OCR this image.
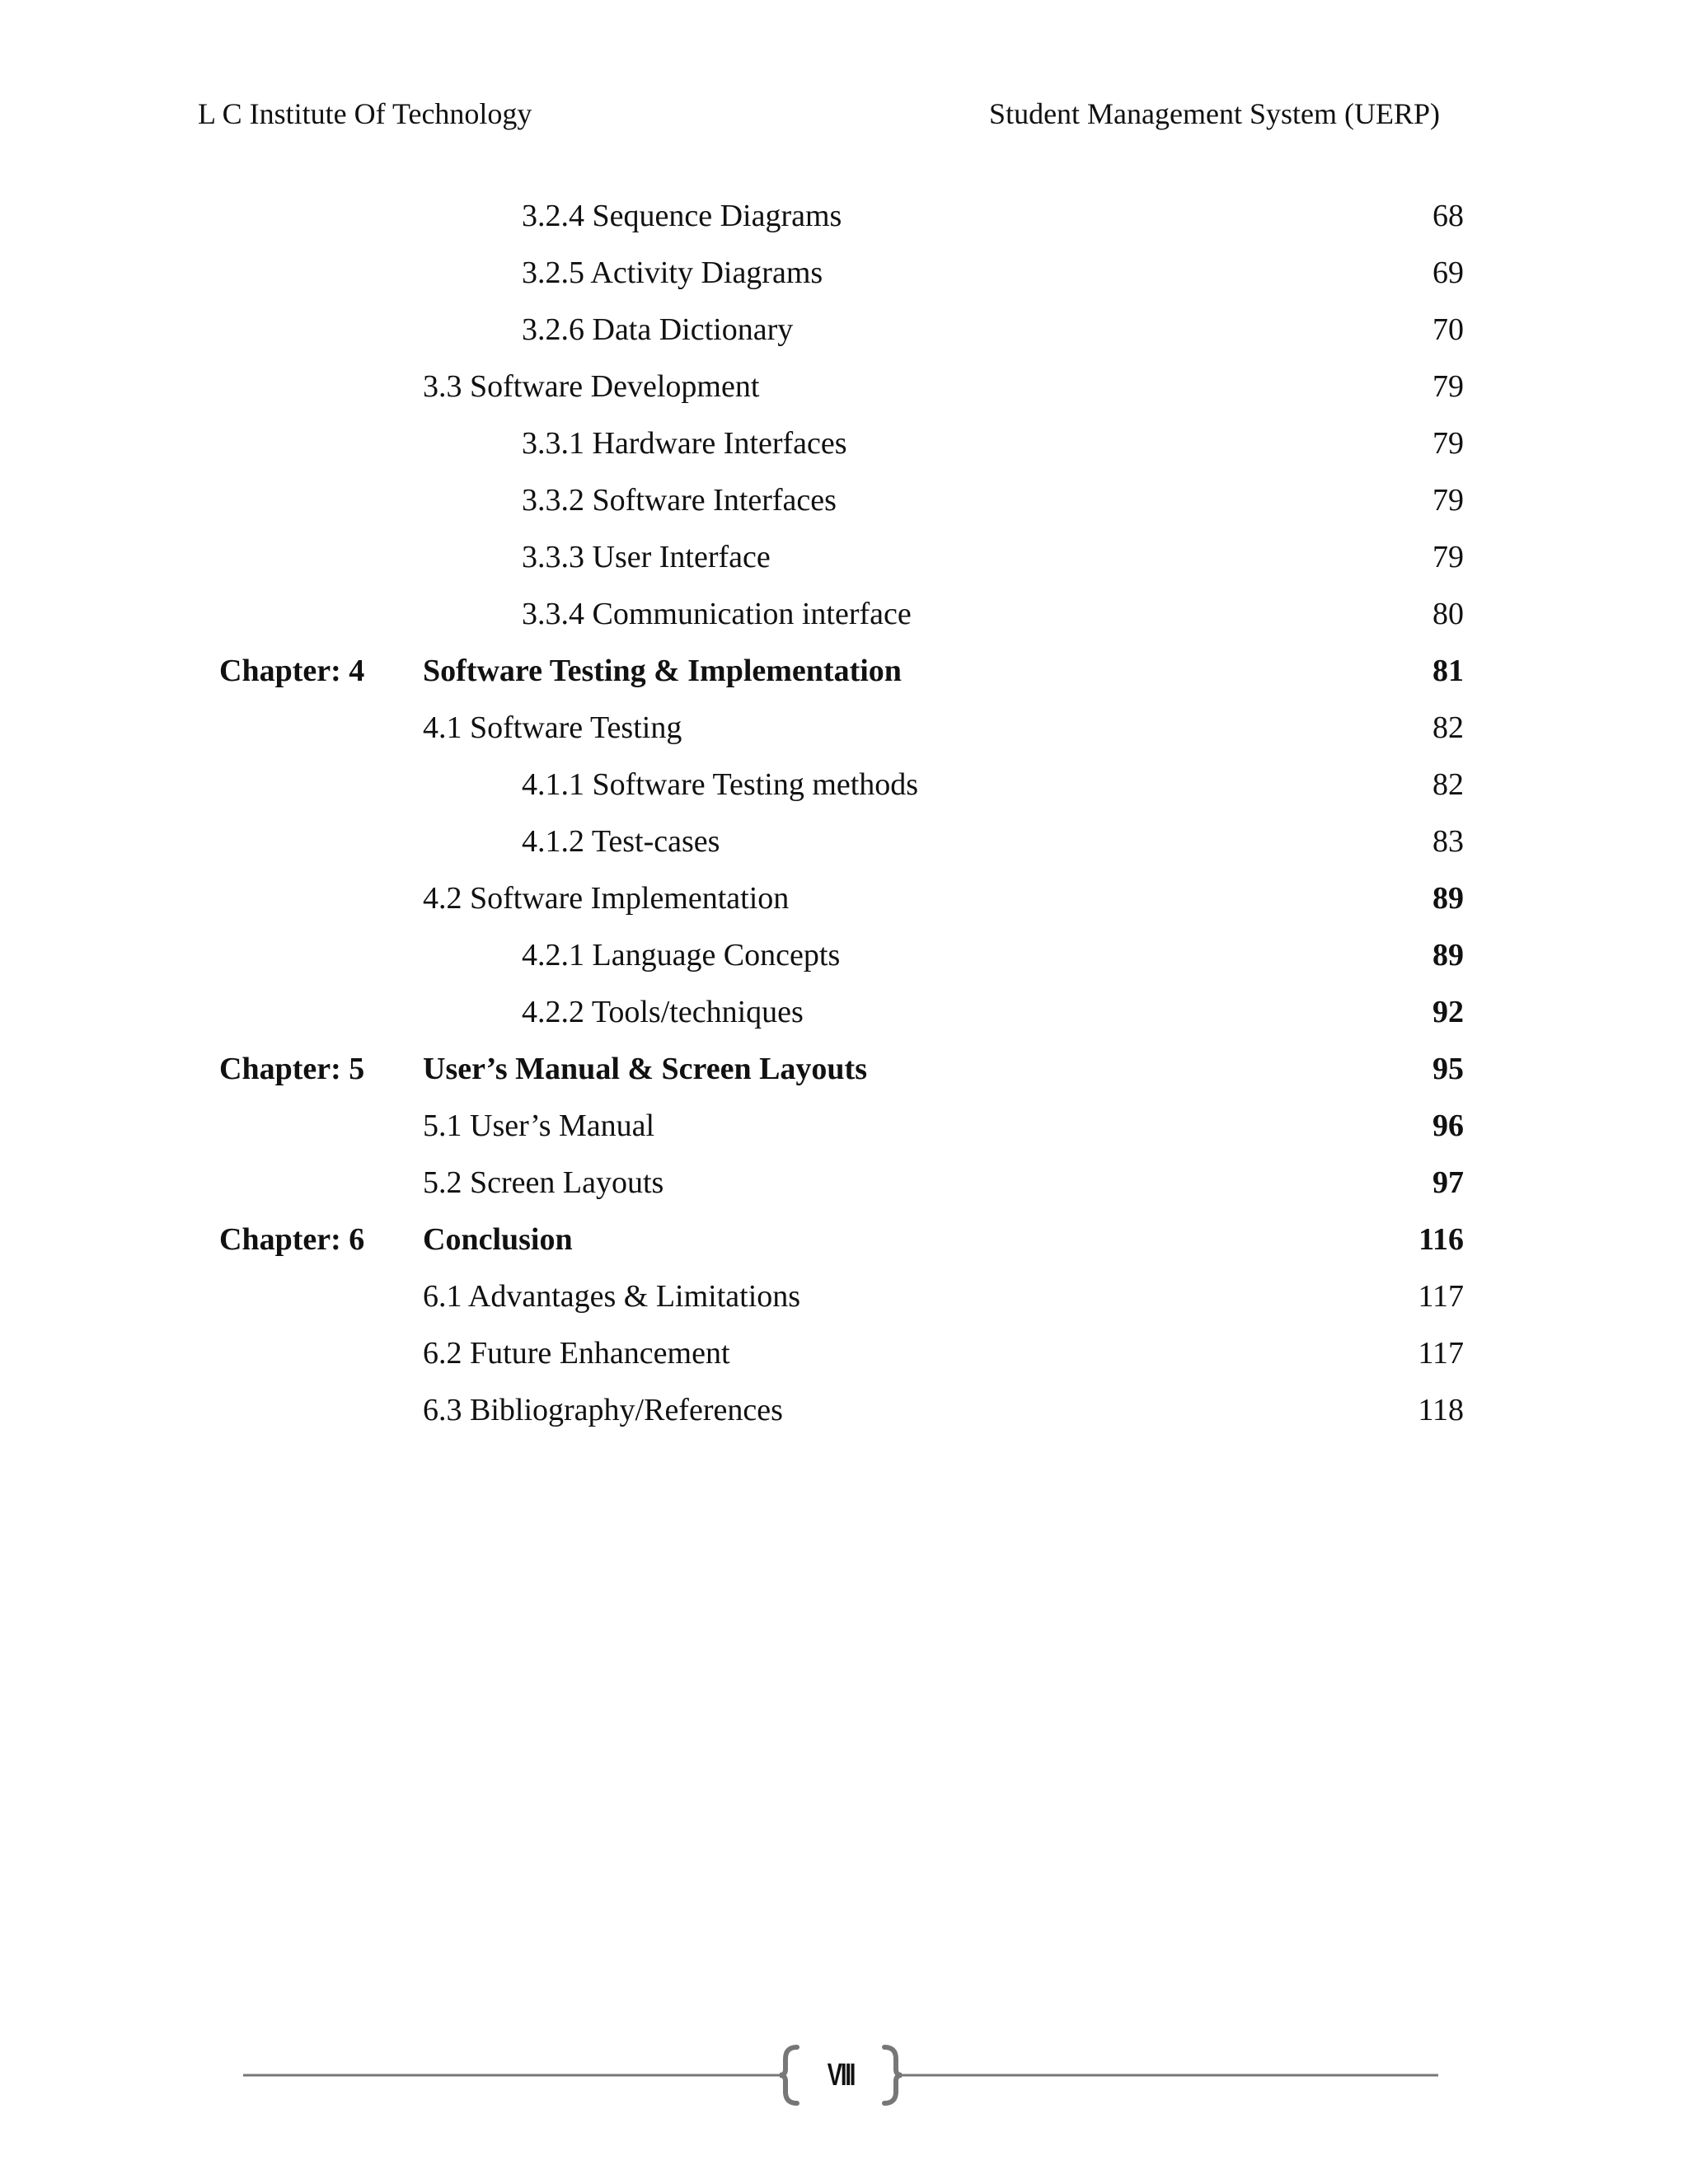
L C Institute Of Technology	Student Management System (UERP)
3.2.4 Sequence Diagrams	68
3.2.5 Activity Diagrams	69
3.2.6 Data Dictionary	70
3.3 Software Development	79
3.3.1 Hardware Interfaces	79
3.3.2 Software Interfaces	79
3.3.3 User Interface	79
3.3.4 Communication interface	80
Chapter: 4 Software Testing & Implementation	81
4.1 Software Testing	82
4.1.1 Software Testing methods	82
4.1.2 Test-cases	83
4.2 Software Implementation	89
4.2.1 Language Concepts	89
4.2.2 Tools/techniques	92
Chapter: 5 User’s Manual & Screen Layouts	95
5.1 User’s Manual	96
5.2 Screen Layouts	97
Chapter: 6 Conclusion	116
6.1 Advantages & Limitations	117
6.2 Future Enhancement	117
6.3 Bibliography/References	118
VIII
